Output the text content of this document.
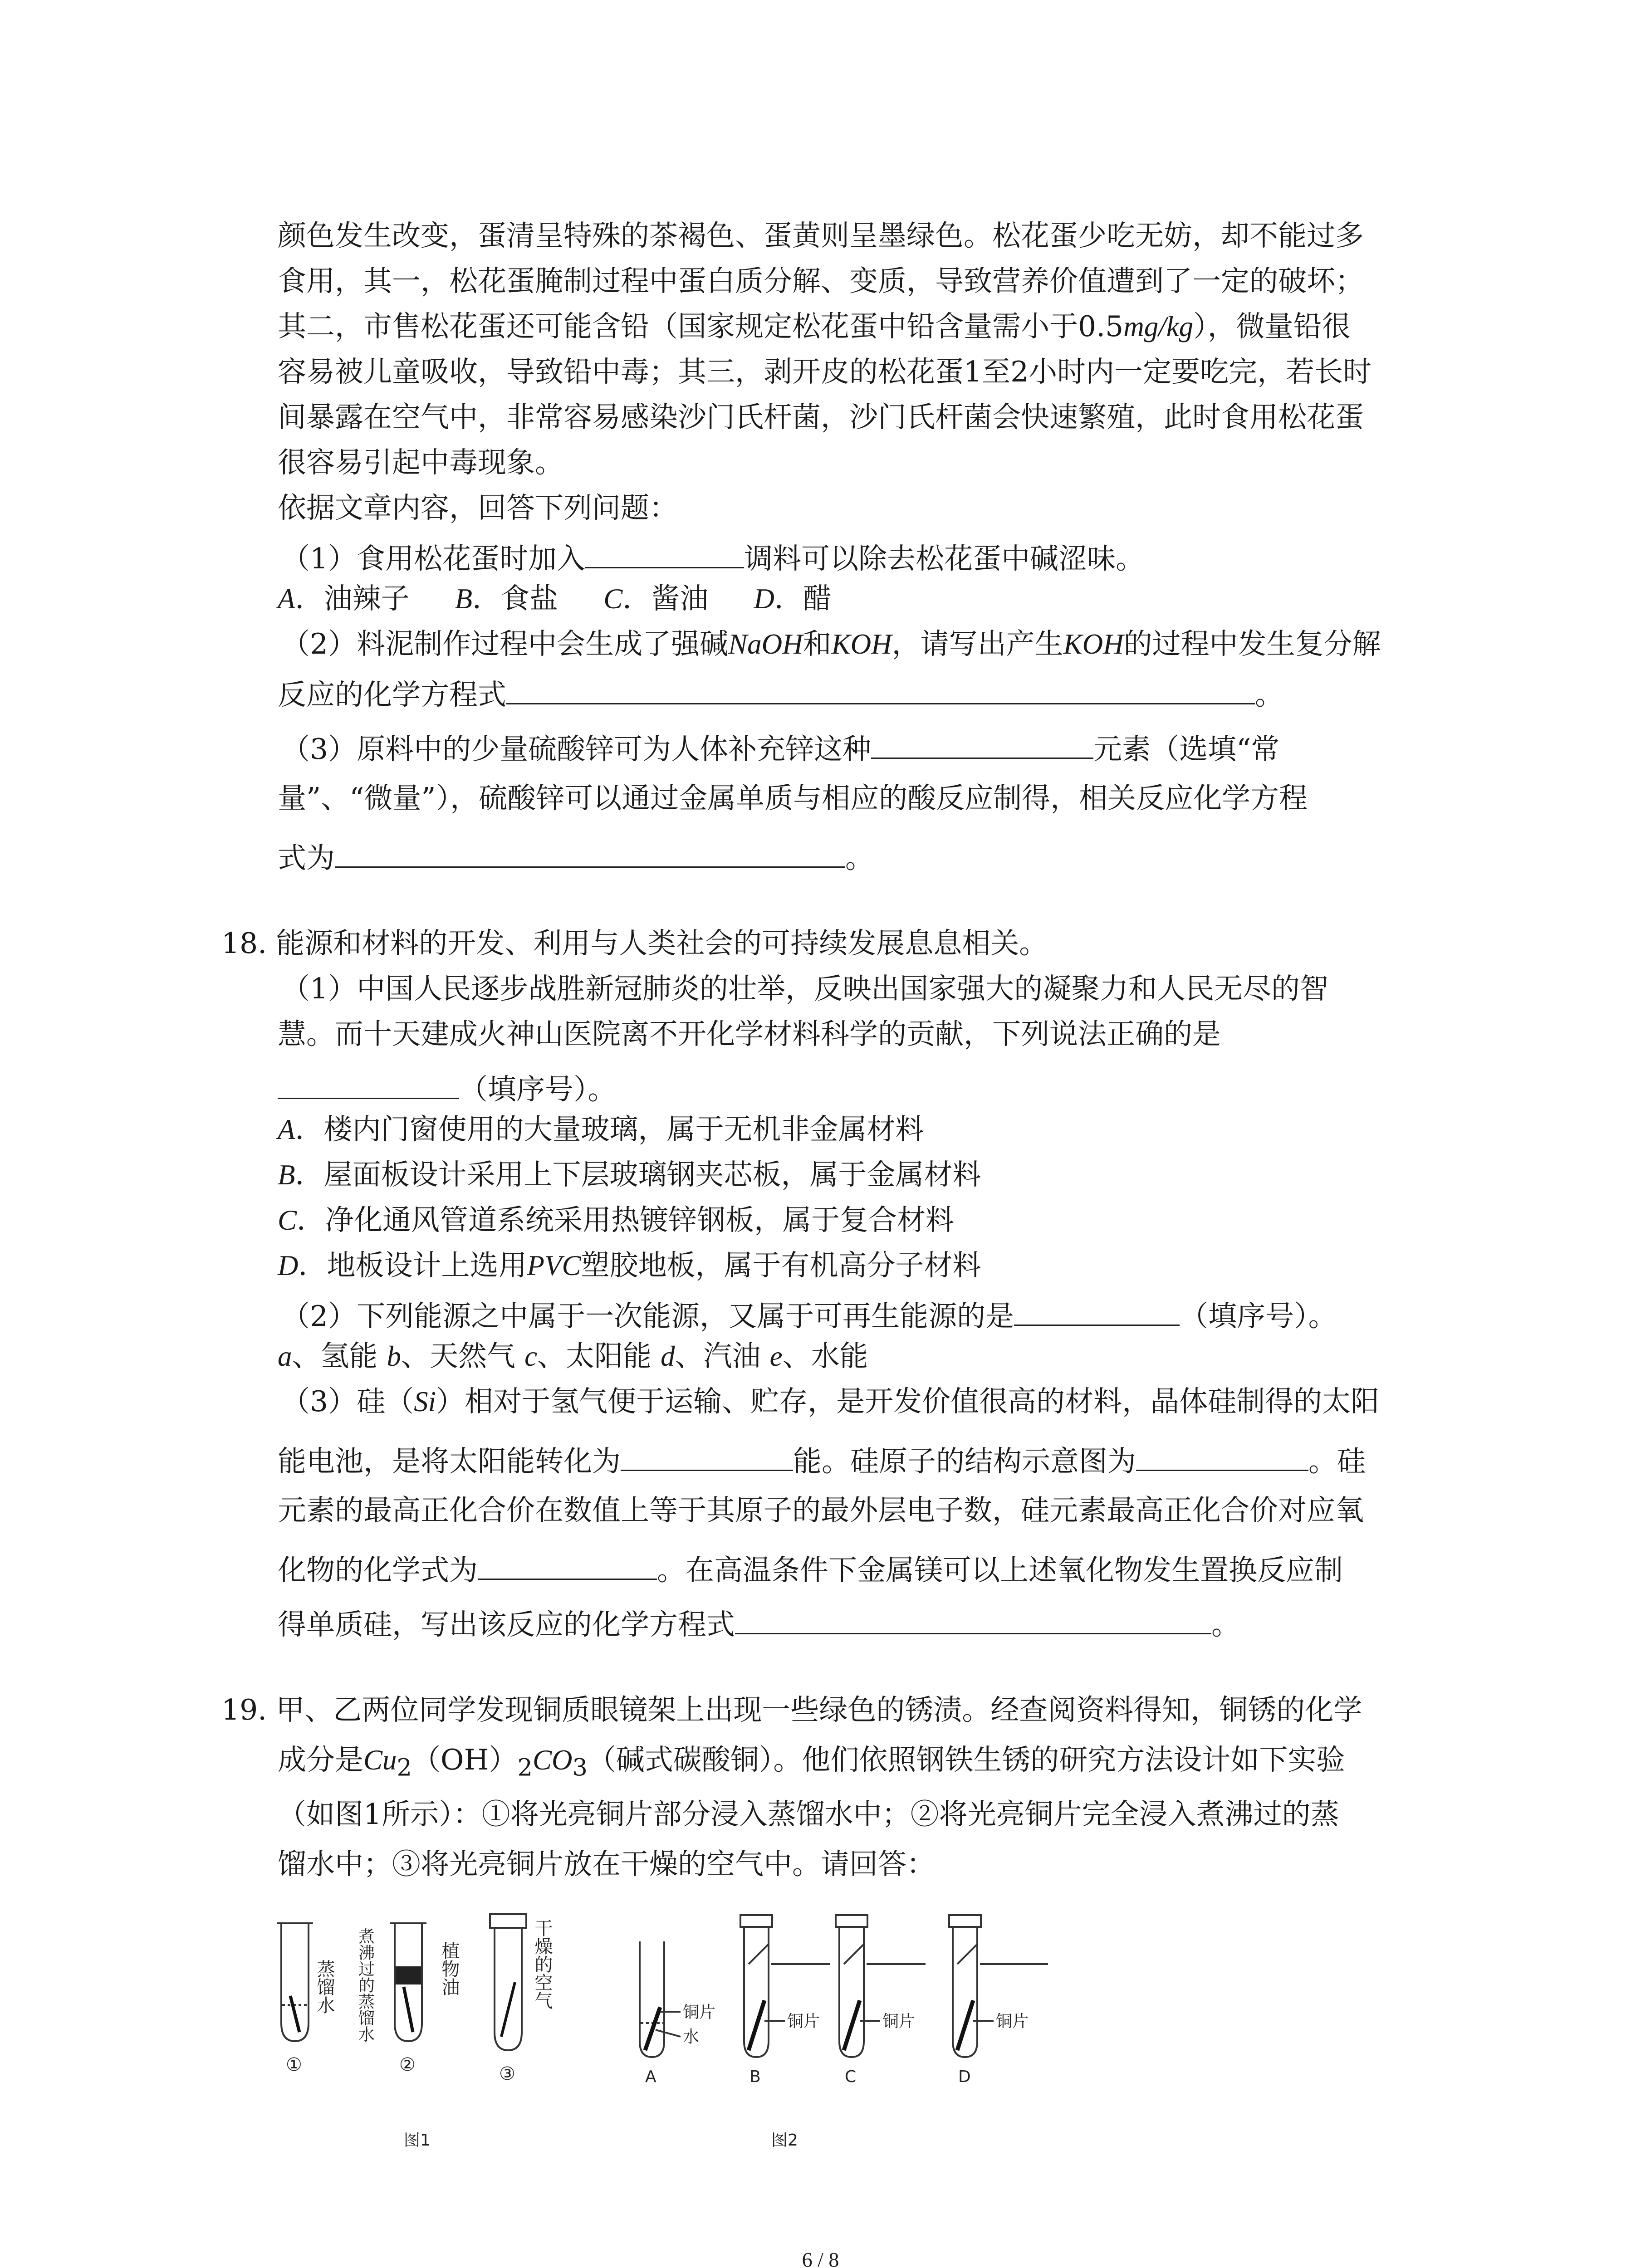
颜色发生改变，蛋清呈特殊的茶褐色、蛋黄则呈墨绿色。松花蛋少吃无妨，却不能过多
食用，其一，松花蛋腌制过程中蛋白质分解、变质，导致营养价值遭到了一定的破坏；
其二，市售松花蛋还可能含铅（国家规定松花蛋中铅含量需小于0.5mg/kg），微量铅很
容易被儿童吸收，导致铅中毒；其三，剥开皮的松花蛋1至2小时内一定要吃完，若长时
间暴露在空气中，非常容易感染沙门氏杆菌，沙门氏杆菌会快速繁殖，此时食用松花蛋
很容易引起中毒现象。
依据文章内容，回答下列问题：
（1）食用松花蛋时加入	调料可以除去松花蛋中碱涩味。
A．油辣子 B．食盐 C．酱油 D．醋
（2）料泥制作过程中会生成了强碱NaOH和KOH，请写出产生KOH的过程中发生复分解
反应的化学方程式	。
（3）原料中的少量硫酸锌可为人体补充锌这种	元素（选填“常
量”、“微量”），硫酸锌可以通过金属单质与相应的酸反应制得，相关反应化学方程
式为	。
18. 能源和材料的开发、利用与人类社会的可持续发展息息相关。
（1）中国人民逐步战胜新冠肺炎的壮举，反映出国家强大的凝聚力和人民无尽的智
慧。而十天建成火神山医院离不开化学材料科学的贡献，下列说法正确的是
（填序号）。
A．楼内门窗使用的大量玻璃，属于无机非金属材料
B．屋面板设计采用上下层玻璃钢夹芯板，属于金属材料
C．净化通风管道系统采用热镀锌钢板，属于复合材料
D．地板设计上选用PVC塑胶地板，属于有机高分子材料
（2）下列能源之中属于一次能源，又属于可再生能源的是	（填序号）。
a、氢能 b、天然气 c、太阳能 d、汽油 e、水能
（3）硅（Si）相对于氢气便于运输、贮存，是开发价值很高的材料，晶体硅制得的太阳
能电池，是将太阳能转化为	能。硅原子的结构示意图为	。硅
元素的最高正化合价在数值上等于其原子的最外层电子数，硅元素最高正化合价对应氧
化物的化学式为	。在高温条件下金属镁可以上述氧化物发生置换反应制
得单质硅，写出该反应的化学方程式	。
19. 甲、乙两位同学发现铜质眼镜架上出现一些绿色的锈渍。经查阅资料得知，铜锈的化学
成分是$Cu_2(OH)_2CO_3$（碱式碳酸铜）。他们依照钢铁生锈的研究方法设计如下实验
（如图1所示）：①将光亮铜片部分浸入蒸馏水中；②将光亮铜片完全浸入煮沸过的蒸
馏水中；③将光亮铜片放在干燥的空气中。请回答：
蒸馏水 煮沸过的蒸馏水	植物油	干燥的空气
①	②	③
图1
铜片
水
铜片	铜片	铜片
A	B	C	D
图2
6 / 8
